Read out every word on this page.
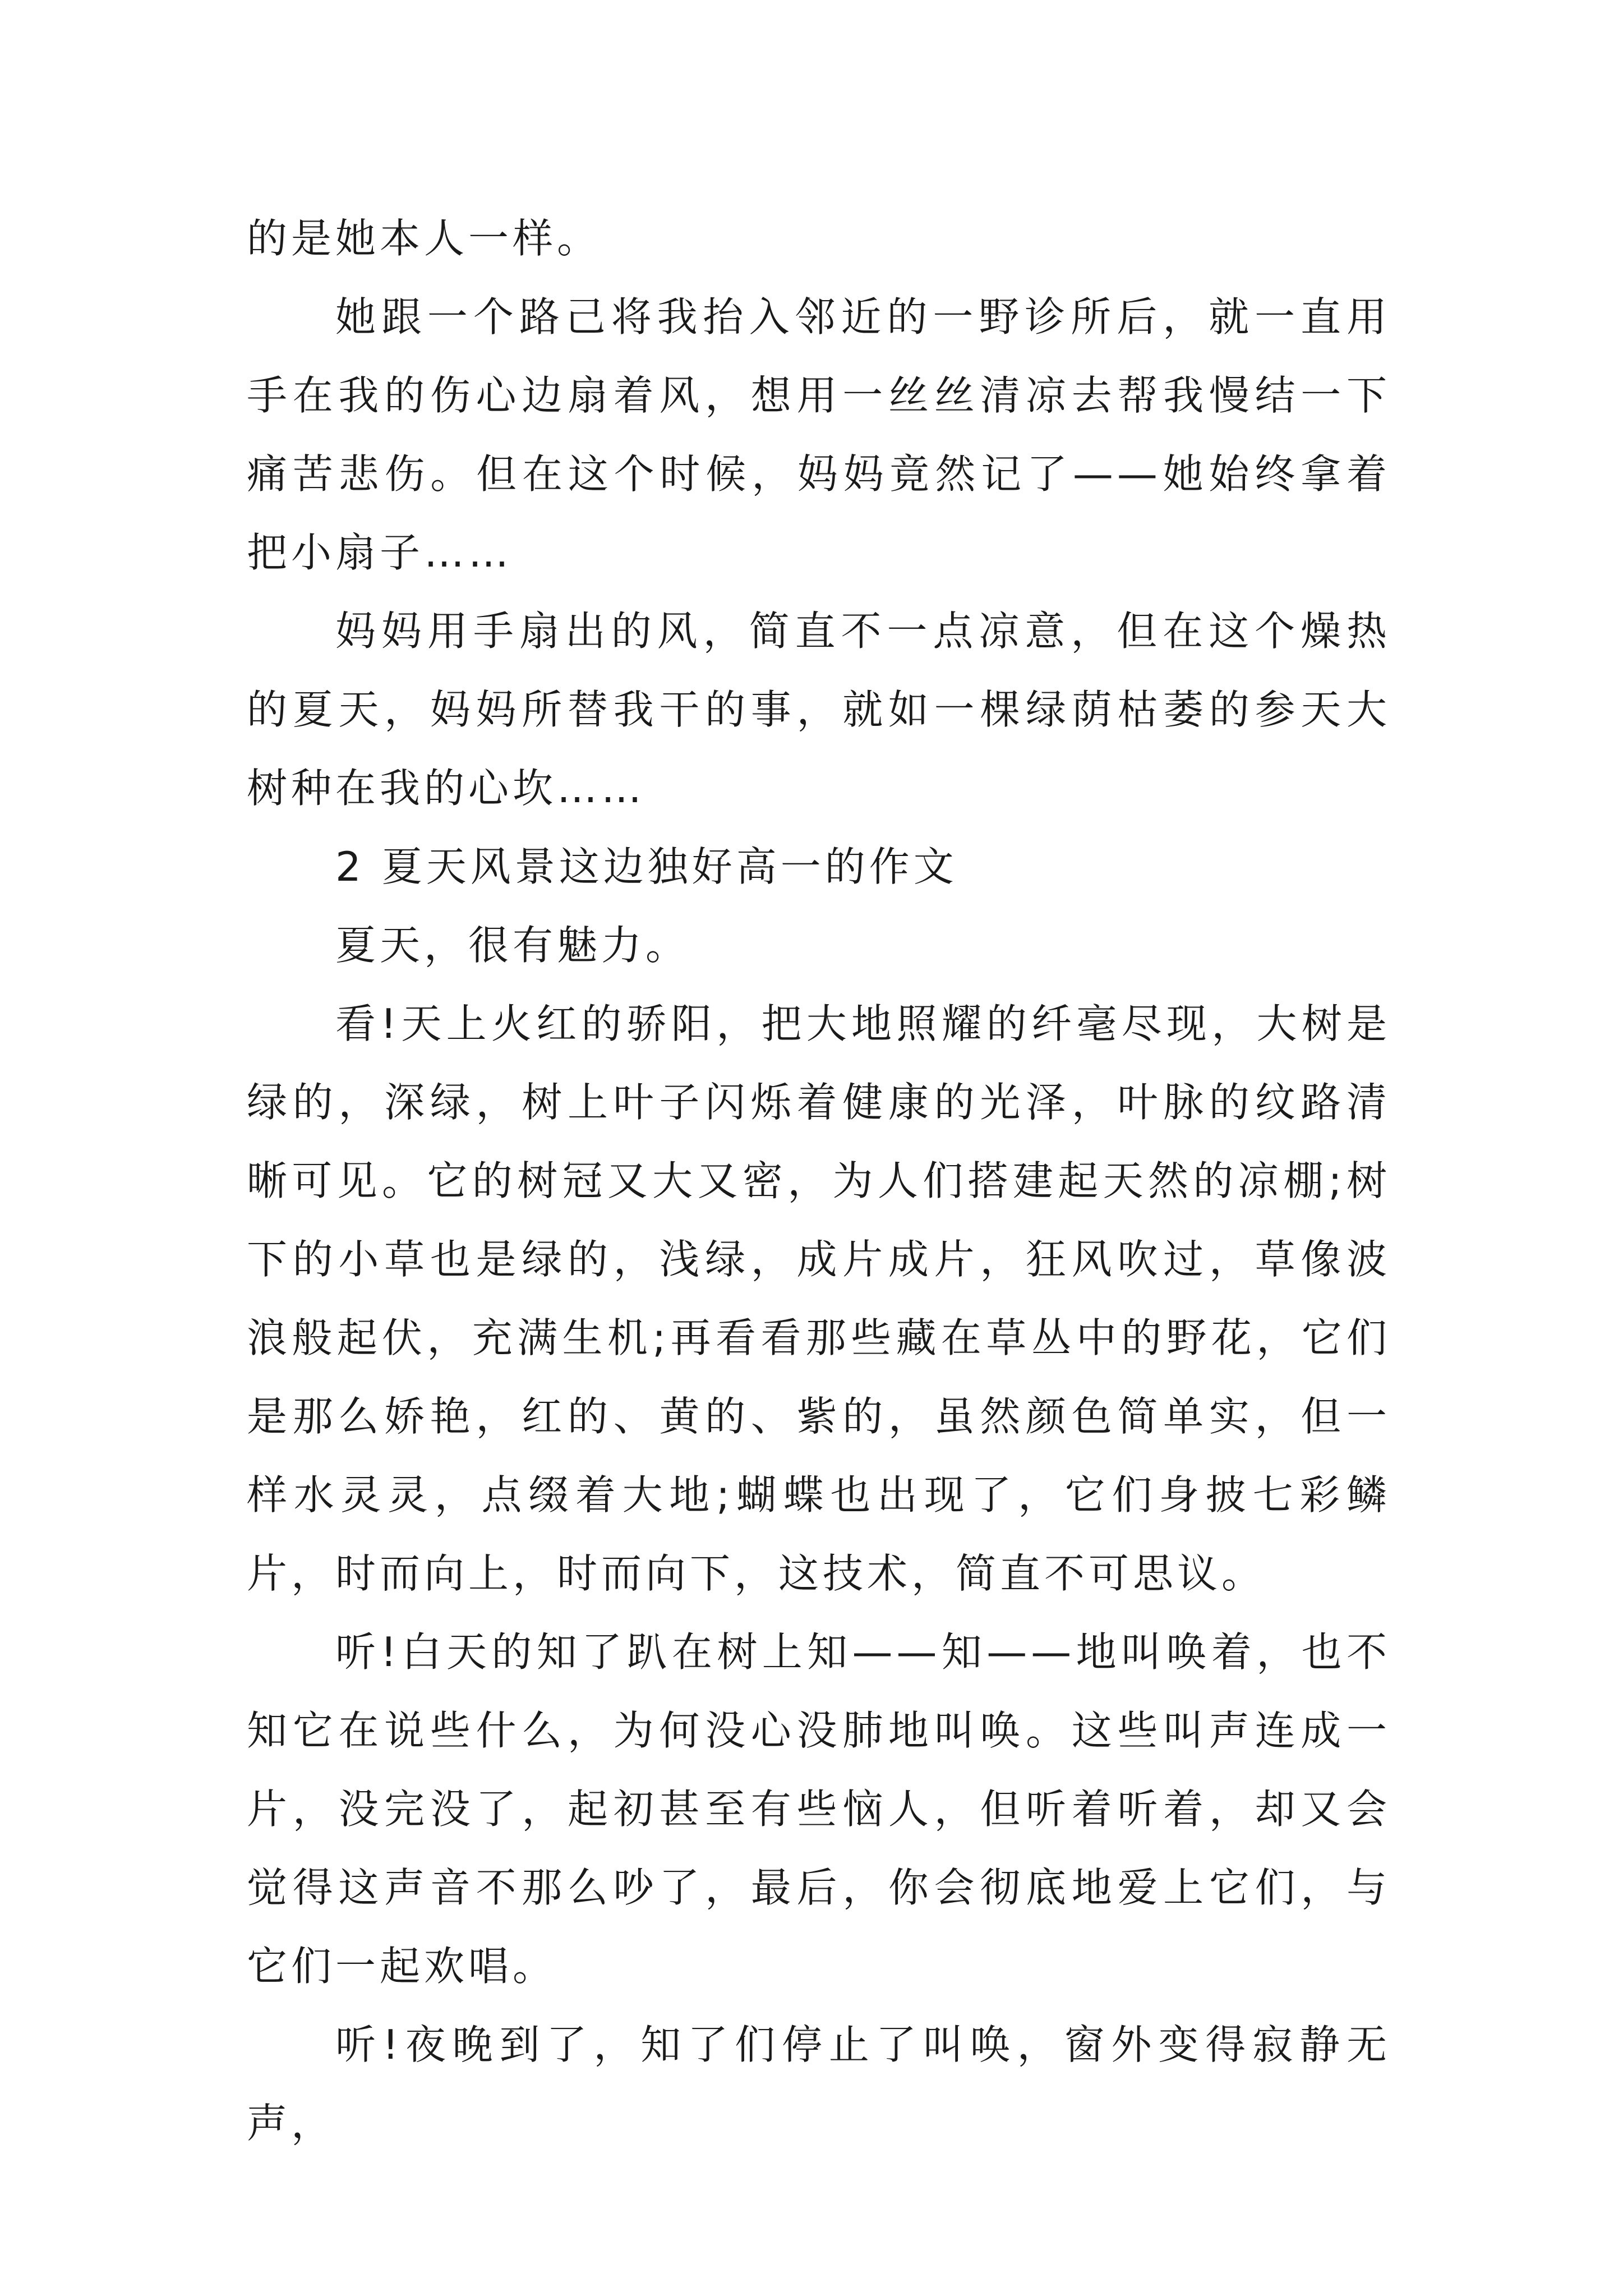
的是她本人一样。

她跟一个路己将我抬入邻近的一野诊所后，就一直用手在我的伤心边扇着风，想用一丝丝清凉去帮我慢结一下痛苦悲伤。但在这个时候，妈妈竟然记了——她始终拿着把小扇子……

妈妈用手扇出的风，简直不一点凉意，但在这个燥热的夏天，妈妈所替我干的事，就如一棵绿荫枯萎的参天大树种在我的心坎……

2 夏天风景这边独好高一的作文

夏天，很有魅力。

看!天上火红的骄阳，把大地照耀的纤毫尽现，大树是绿的，深绿，树上叶子闪烁着健康的光泽，叶脉的纹路清晰可见。它的树冠又大又密，为人们搭建起天然的凉棚;树下的小草也是绿的，浅绿，成片成片，狂风吹过，草像波浪般起伏，充满生机;再看看那些藏在草丛中的野花，它们是那么娇艳，红的、黄的、紫的，虽然颜色简单实，但一样水灵灵，点缀着大地;蝴蝶也出现了，它们身披七彩鳞片，时而向上，时而向下，这技术，简直不可思议。

听!白天的知了趴在树上知——知——地叫唤着，也不知它在说些什么，为何没心没肺地叫唤。这些叫声连成一片，没完没了，起初甚至有些恼人，但听着听着，却又会觉得这声音不那么吵了，最后，你会彻底地爱上它们，与它们一起欢唱。

听!夜晚到了，知了们停止了叫唤，窗外变得寂静无声，
